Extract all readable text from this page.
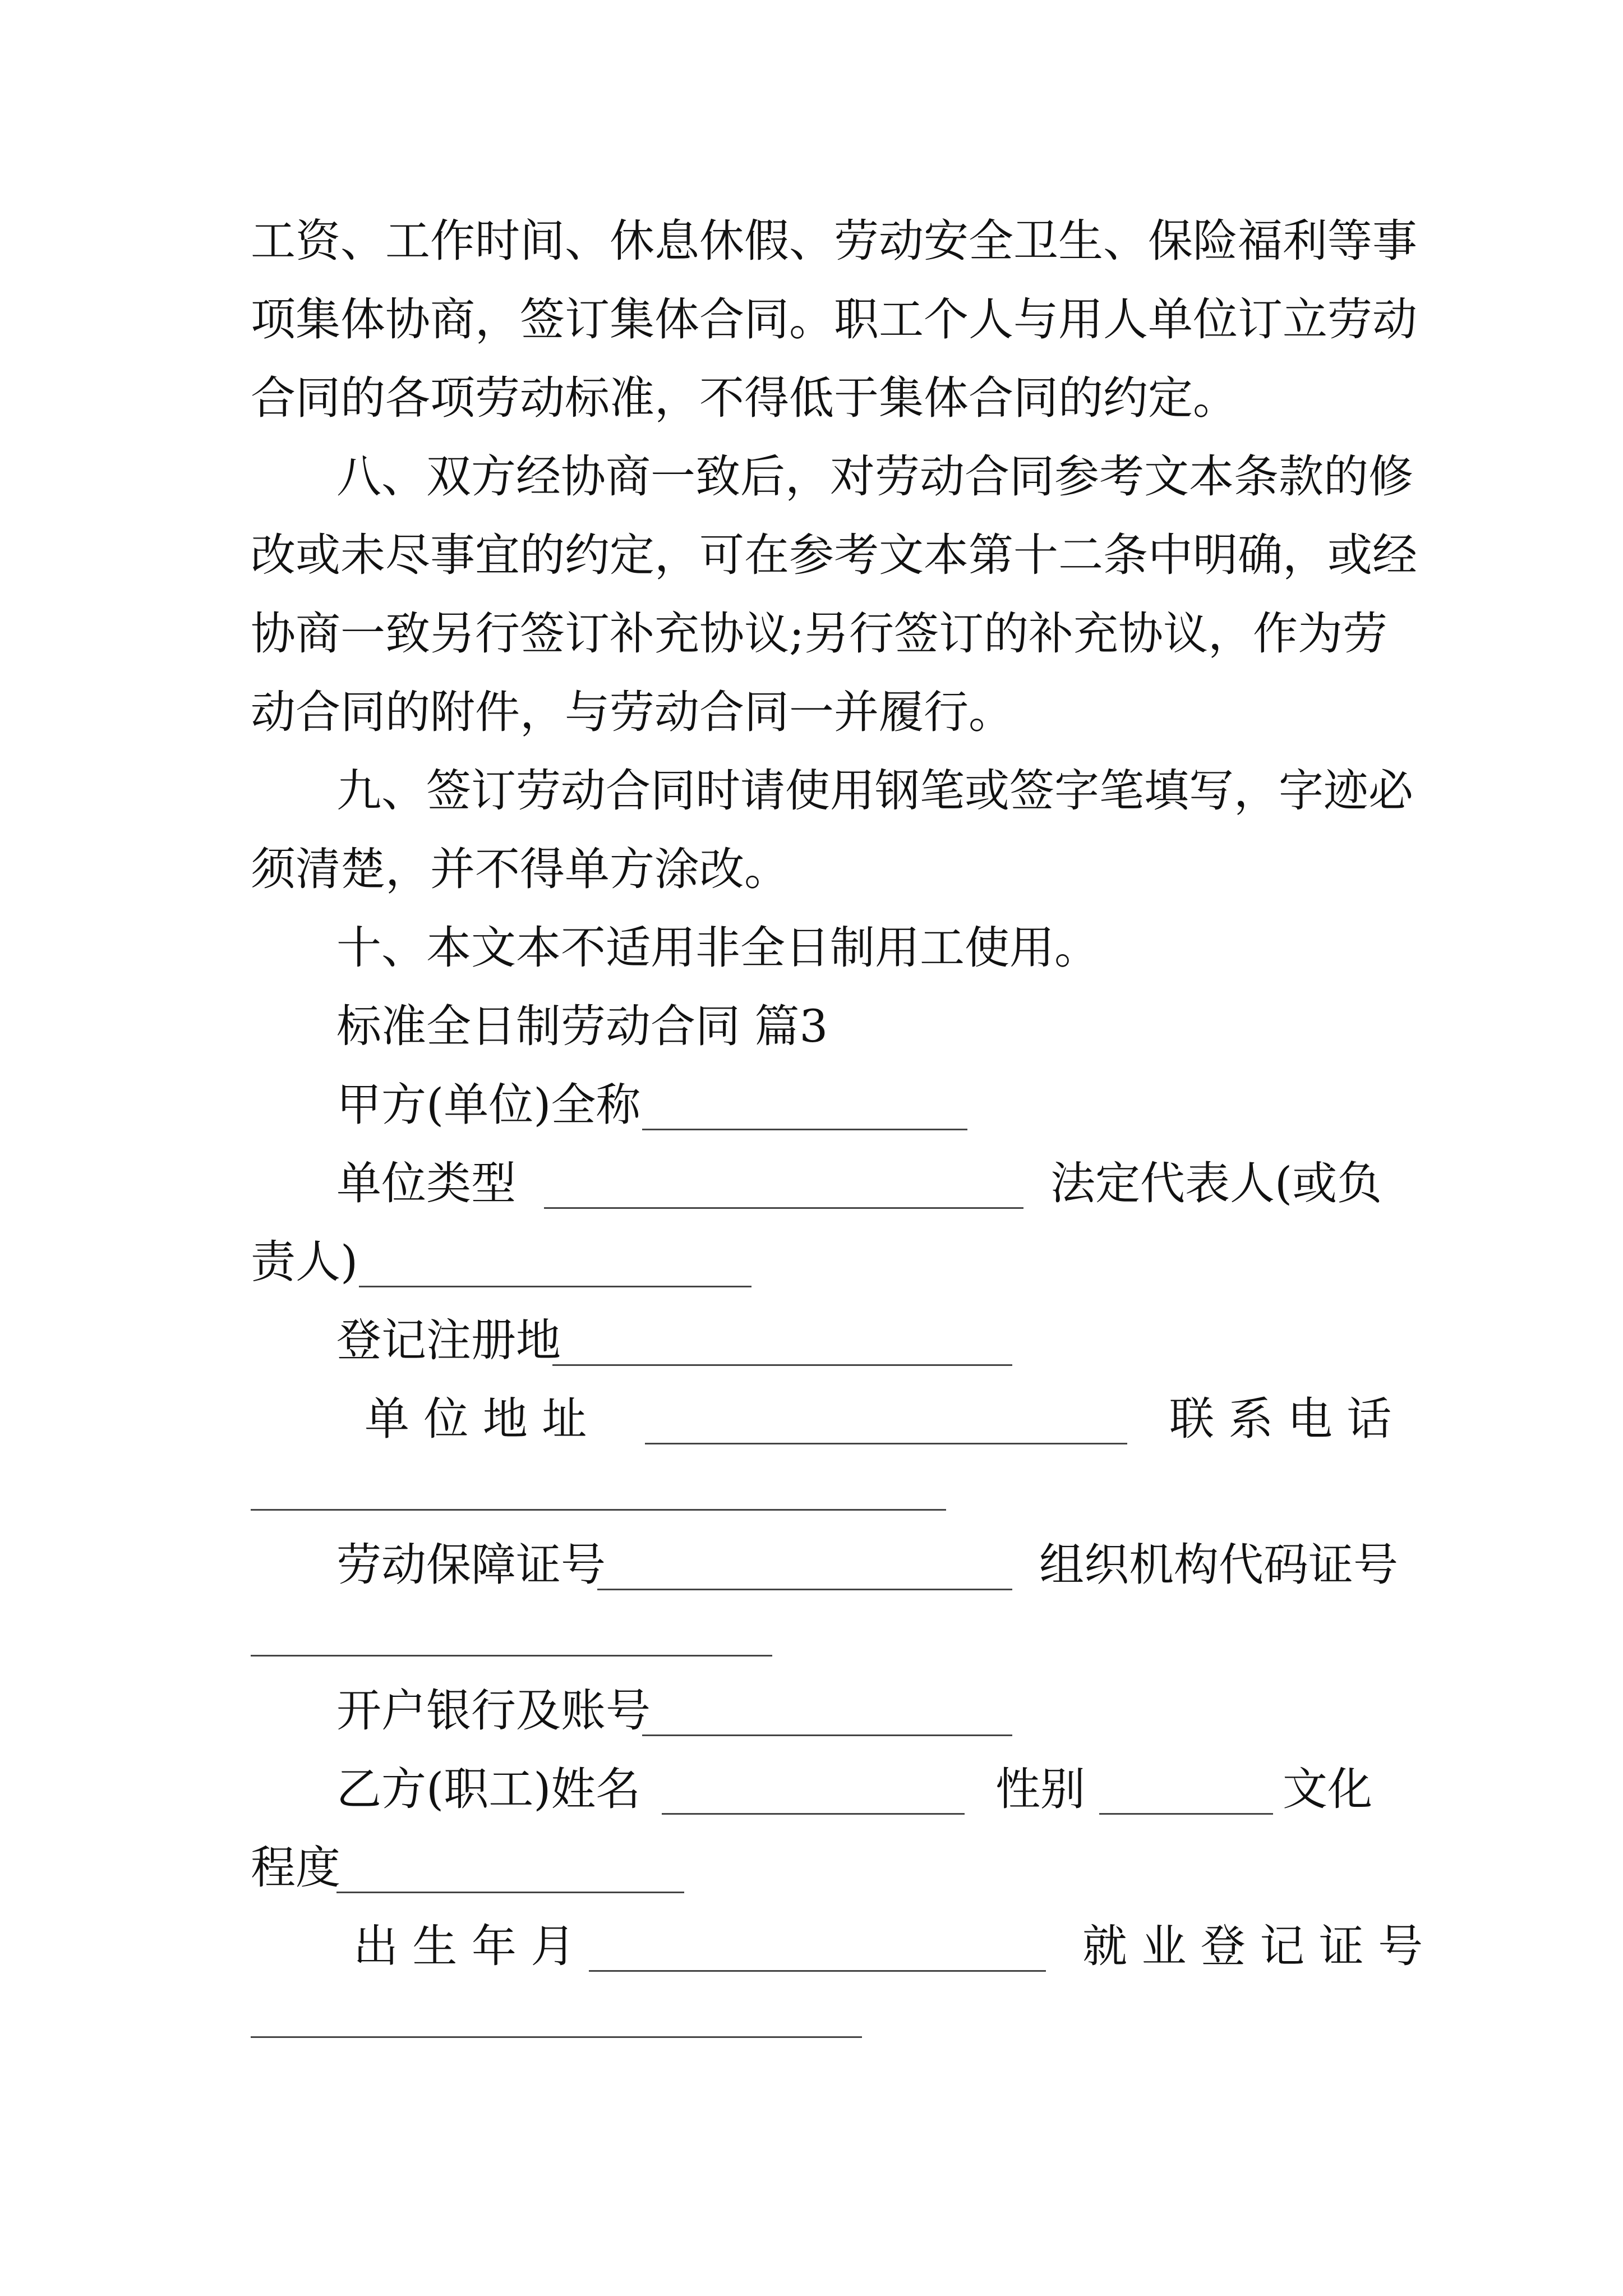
工资、工作时间、休息休假、劳动安全卫生、保险福利等事
项集体协商，签订集体合同。职工个人与用人单位订立劳动
合同的各项劳动标准，不得低于集体合同的约定。
八、双方经协商一致后，对劳动合同参考文本条款的修
改或未尽事宜的约定，可在参考文本第十二条中明确，或经
协商一致另行签订补充协议;另行签订的补充协议，作为劳
动合同的附件，与劳动合同一并履行。
九、签订劳动合同时请使用钢笔或签字笔填写，字迹必
须清楚，并不得单方涂改。
十、本文本不适用非全日制用工使用。
标准全日制劳动合同 篇3
甲方(单位)全称
单位类型	法定代表人(或负
责人)
登记注册地
单 位 地 址	联 系 电 话
劳动保障证号	组织机构代码证号
开户银行及账号
乙方(职工)姓名	性别	文化
程度
出 生 年 月	就 业 登 记 证 号
